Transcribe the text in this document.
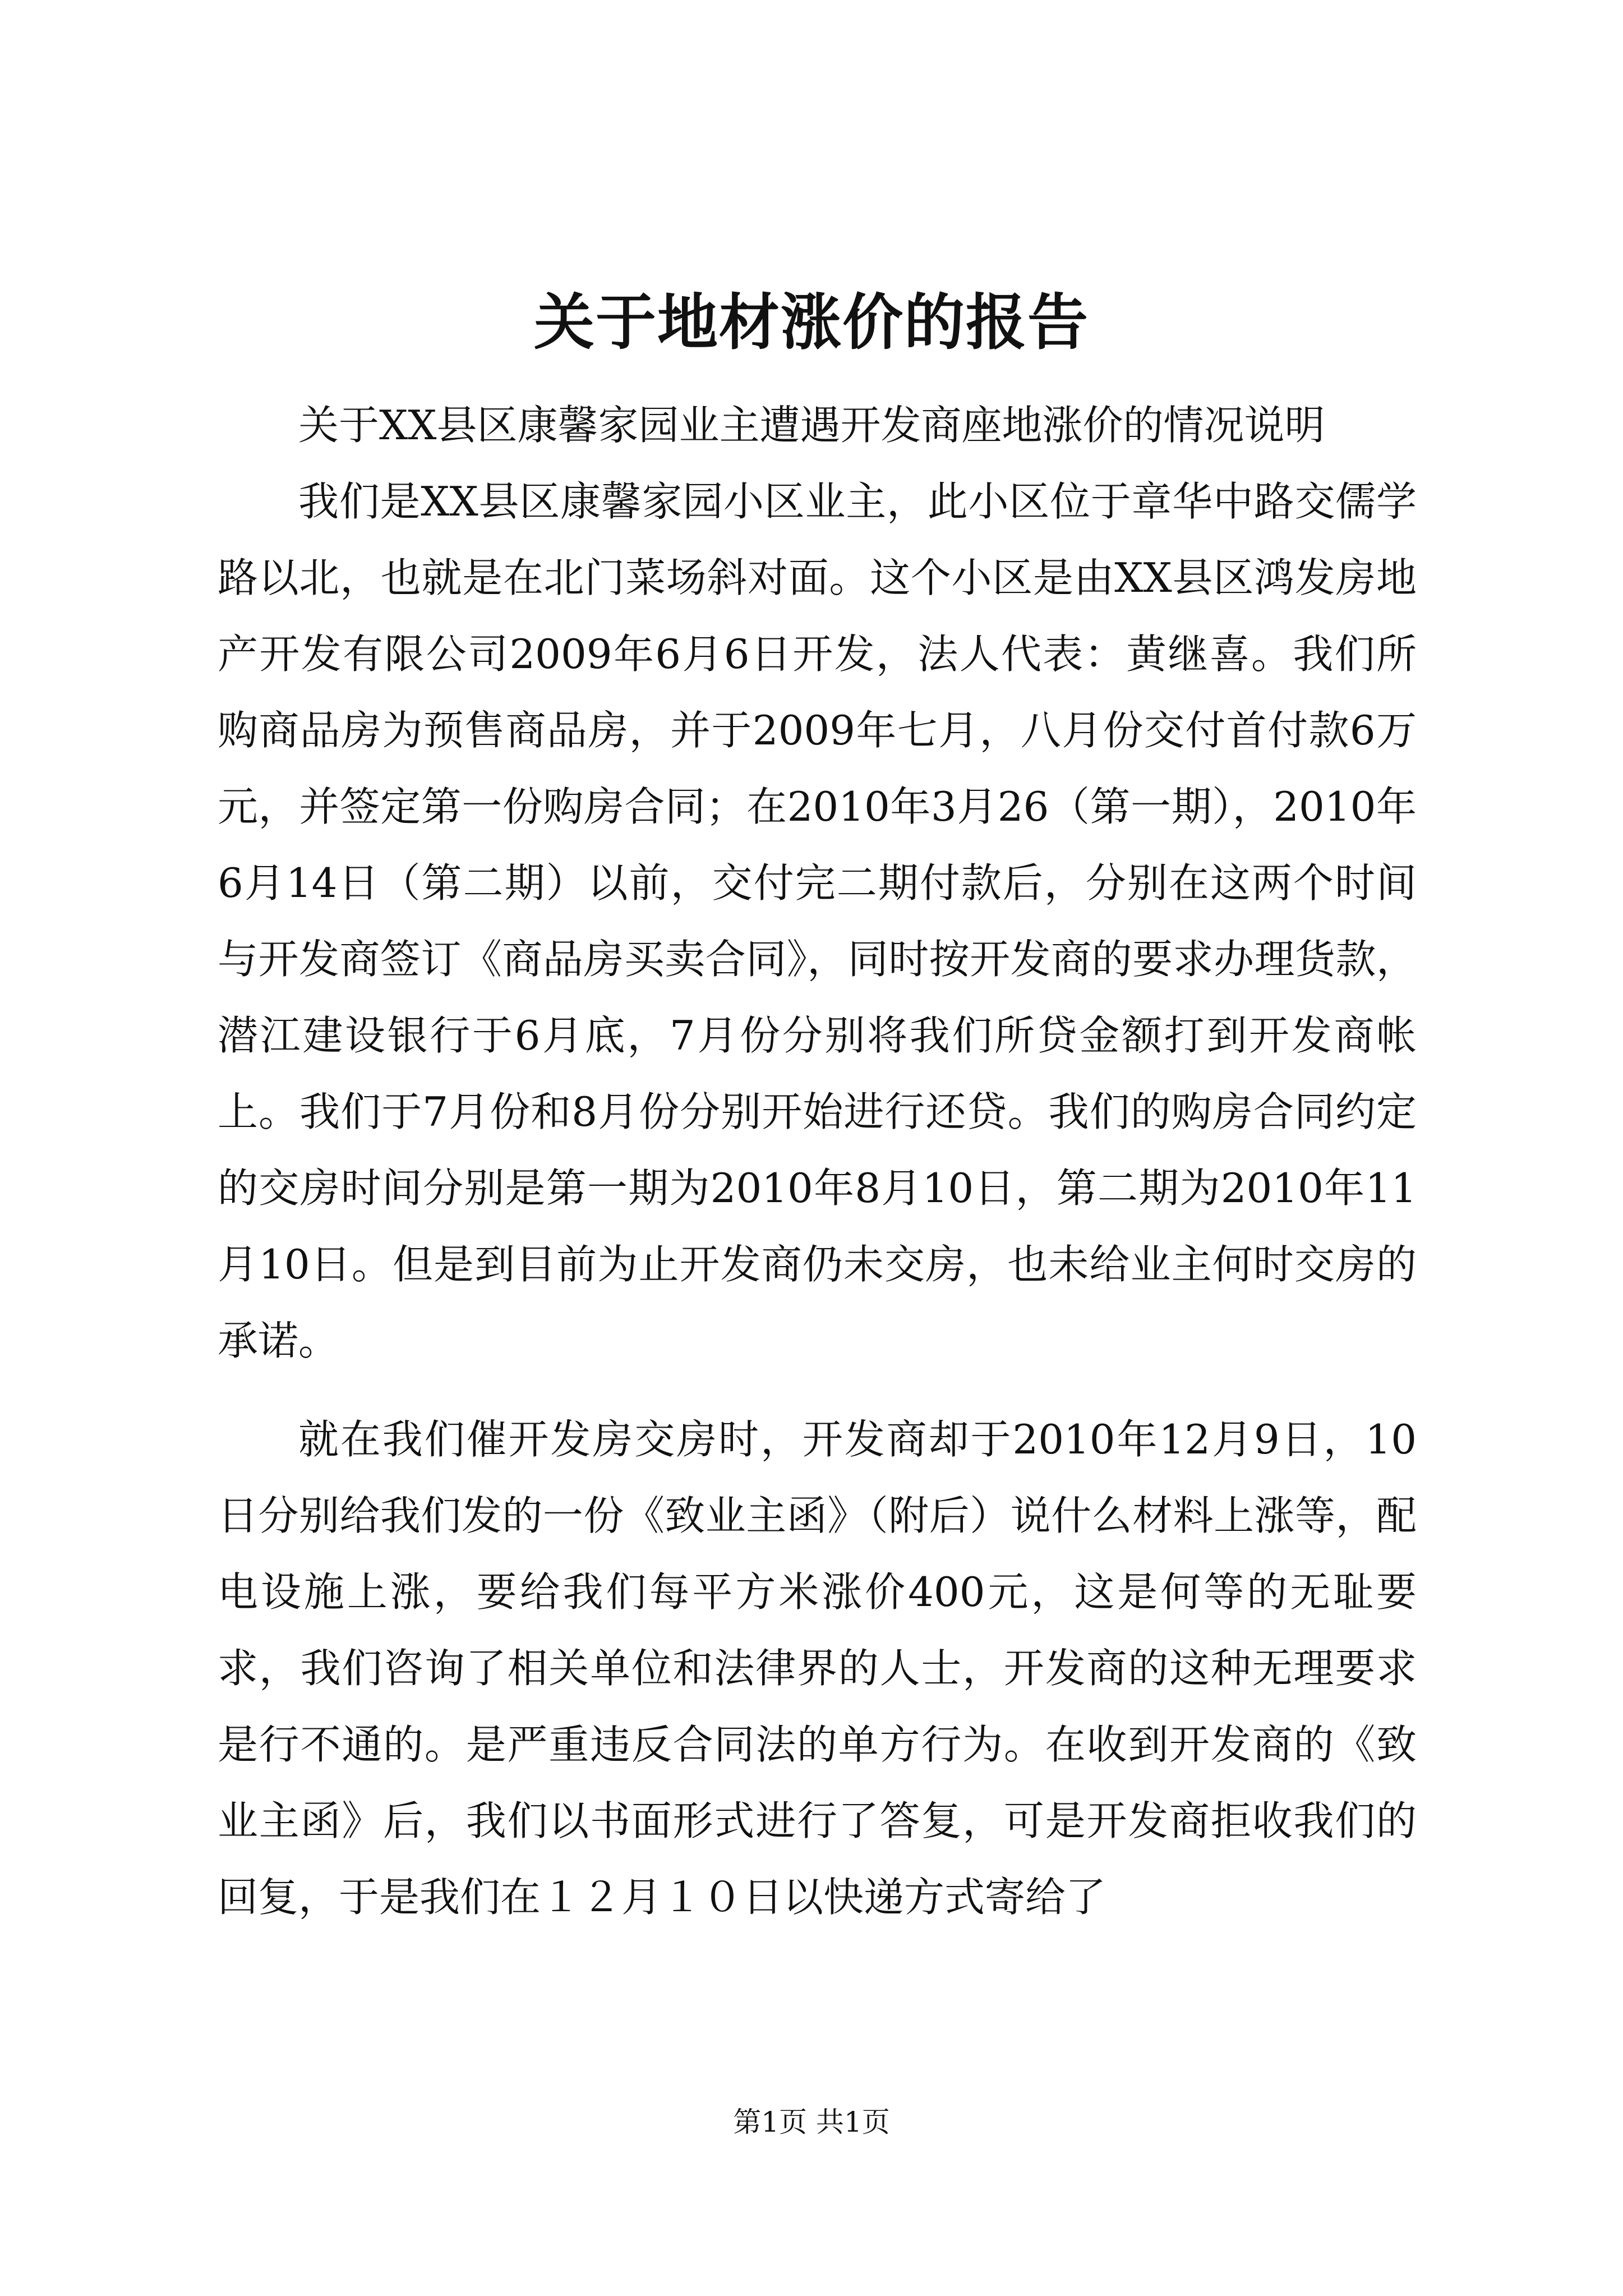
关于地材涨价的报告

关于XX县区康馨家园业主遭遇开发商座地涨价的情况说明

我们是XX县区康馨家园小区业主，此小区位于章华中路交儒学路以北，也就是在北门菜场斜对面。这个小区是由XX县区鸿发房地产开发有限公司2009年6月6日开发，法人代表：黄继喜。我们所购商品房为预售商品房，并于2009年七月，八月份交付首付款6万元，并签定第一份购房合同；在2010年3月26（第一期），2010年6月14日（第二期）以前，交付完二期付款后，分别在这两个时间与开发商签订《商品房买卖合同》，同时按开发商的要求办理货款，潜江建设银行于6月底，7月份分别将我们所贷金额打到开发商帐上。我们于7月份和8月份分别开始进行还贷。我们的购房合同约定的交房时间分别是第一期为2010年8月10日，第二期为2010年11月10日。但是到目前为止开发商仍未交房，也未给业主何时交房的承诺。

就在我们催开发房交房时，开发商却于2010年12月9日，10日分别给我们发的一份《致业主函》（附后）说什么材料上涨等，配电设施上涨，要给我们每平方米涨价400元，这是何等的无耻要求，我们咨询了相关单位和法律界的人士，开发商的这种无理要求是行不通的。是严重违反合同法的单方行为。在收到开发商的《致业主函》后，我们以书面形式进行了答复，可是开发商拒收我们的回复，于是我们在１２月１０日以快递方式寄给了

第1页 共1页
